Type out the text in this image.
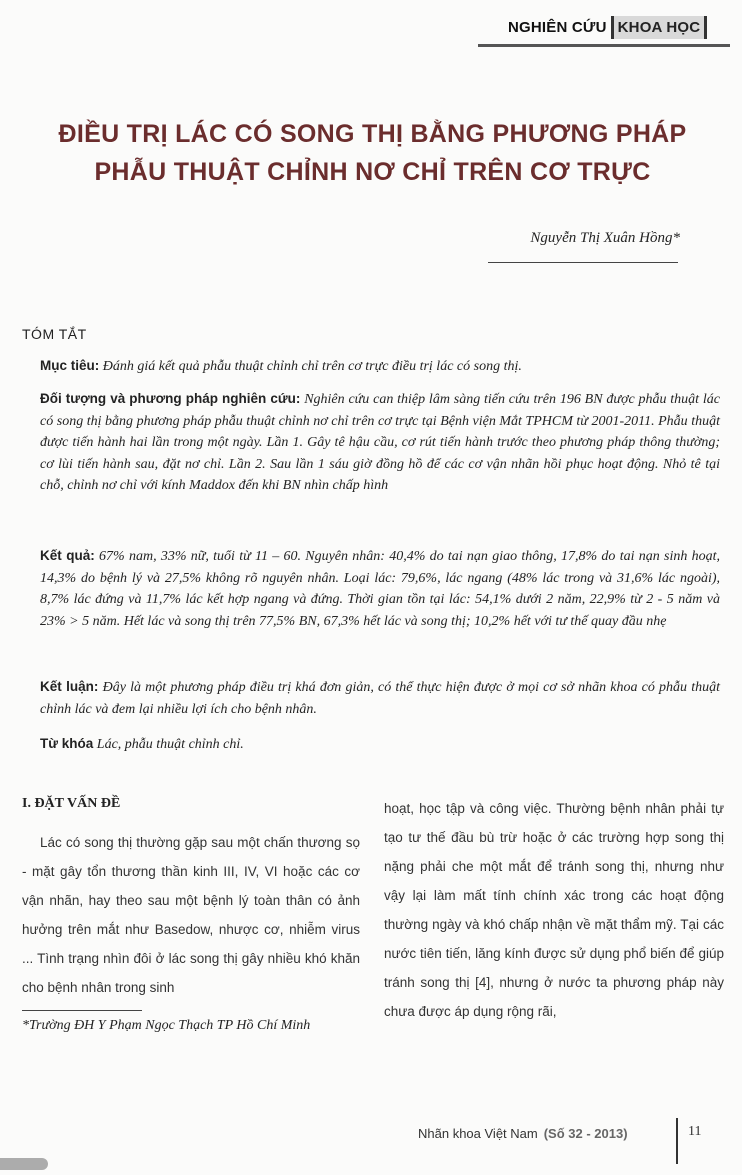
NGHIÊN CỨU KHOA HỌC
ĐIỀU TRỊ LÁC CÓ SONG THỊ BẰNG PHƯƠNG PHÁP
PHẪU THUẬT CHỈNH NƠ CHỈ TRÊN CƠ TRỰC
Nguyễn Thị Xuân Hồng*
TÓM TẮT
Mục tiêu: Đánh giá kết quả phẫu thuật chỉnh chỉ trên cơ trực điều trị lác có song thị.
Đối tượng và phương pháp nghiên cứu: Nghiên cứu can thiệp lâm sàng tiến cứu trên 196 BN được phẫu thuật lác có song thị bằng phương pháp phẫu thuật chỉnh nơ chỉ trên cơ trực tại Bệnh viện Mắt TPHCM từ 2001-2011. Phẫu thuật được tiến hành hai lần trong một ngày. Lần 1. Gây tê hậu cầu, cơ rút tiến hành trước theo phương pháp thông thường; cơ lùi tiến hành sau, đặt nơ chỉ. Lần 2. Sau lần 1 sáu giờ đồng hồ để các cơ vận nhãn hồi phục hoạt động. Nhỏ tê tại chỗ, chỉnh nơ chỉ với kính Maddox đến khi BN nhìn chấp hình
Kết quả: 67% nam, 33% nữ, tuổi từ 11 – 60. Nguyên nhân: 40,4% do tai nạn giao thông, 17,8% do tai nạn sinh hoạt, 14,3% do bệnh lý và 27,5% không rõ nguyên nhân. Loại lác: 79,6%, lác ngang (48% lác trong và 31,6% lác ngoài), 8,7% lác đứng và 11,7% lác kết hợp ngang và đứng. Thời gian tồn tại lác: 54,1% dưới 2 năm, 22,9% từ 2 - 5 năm và 23% > 5 năm. Hết lác và song thị trên 77,5% BN, 67,3% hết lác và song thị; 10,2% hết với tư thế quay đầu nhẹ
Kết luận: Đây là một phương pháp điều trị khá đơn giản, có thể thực hiện được ở mọi cơ sở nhãn khoa có phẫu thuật chỉnh lác và đem lại nhiều lợi ích cho bệnh nhân.
Từ khóa Lác, phẫu thuật chỉnh chỉ.
I. ĐẶT VẤN ĐỀ
Lác có song thị thường gặp sau một chấn thương sọ - mặt gây tổn thương thần kinh III, IV, VI hoặc các cơ vận nhãn, hay theo sau một bệnh lý toàn thân có ảnh hưởng trên mắt như Basedow, nhược cơ, nhiễm virus ... Tình trạng nhìn đôi ở lác song thị gây nhiều khó khăn cho bệnh nhân trong sinh
hoạt, học tập và công việc. Thường bệnh nhân phải tự tạo tư thế đầu bù trừ hoặc ở các trường hợp song thị nặng phải che một mắt để tránh song thị, nhưng như vậy lại làm mất tính chính xác trong các hoạt động thường ngày và khó chấp nhận về mặt thẩm mỹ. Tại các nước tiên tiến, lăng kính được sử dụng phổ biến để giúp tránh song thị [4], nhưng ở nước ta phương pháp này chưa được áp dụng rộng rãi,
*Trường ĐH Y Phạm Ngọc Thạch TP Hồ Chí Minh
Nhãn khoa Việt Nam (Số 32 - 2013)	11
